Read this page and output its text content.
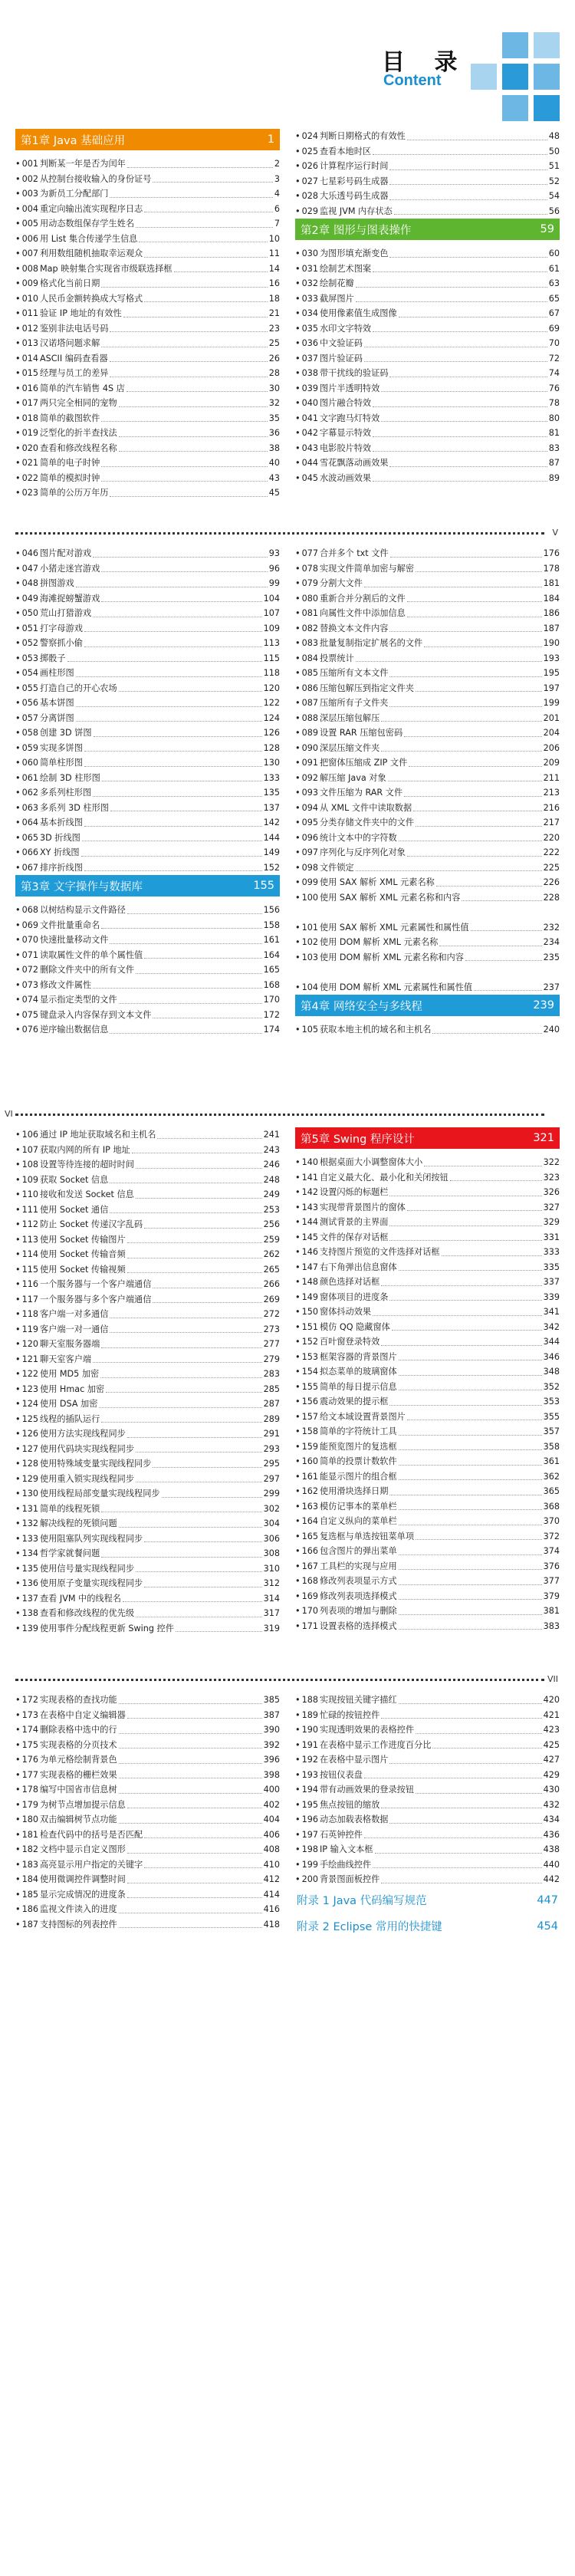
目 录
Content
第1章 Java 基础应用	1
• 001 判断某一年是否为闰年	2
• 002 从控制台接收输入的身份证号	3
• 003 为新员工分配部门	4
• 004 重定向输出流实现程序日志	6
• 005 用动态数组保存学生姓名	7
• 006 用 List 集合传递学生信息	10
• 007 利用数组随机抽取幸运观众	11
• 008 Map 映射集合实现省市级联选择框	14
• 009 格式化当前日期	16
• 010 人民币金额转换成大写格式	18
• 011 验证 IP 地址的有效性	21
• 012 鉴别非法电话号码	23
• 013 汉诺塔问题求解	25
• 014 ASCII 编码查看器	26
• 015 经理与员工的差异	28
• 016 简单的汽车销售 4S 店	30
• 017 两只完全相同的宠物	32
• 018 简单的截图软件	35
• 019 泛型化的折半查找法	36
• 020 查看和修改线程名称	38
• 021 简单的电子时钟	40
• 022 简单的模拟时钟	43
• 023 简单的公历万年历	45
• 024 判断日期格式的有效性	48
• 025 查看本地时区	50
• 026 计算程序运行时间	51
• 027 七星彩号码生成器	52
• 028 大乐透号码生成器	54
• 029 监视 JVM 内存状态	56
第2章 图形与图表操作	59
• 030 为图形填充渐变色	60
• 031 绘制艺术图案	61
• 032 绘制花瓣	63
• 033 截屏图片	65
• 034 使用像素值生成图像	67
• 035 水印文字特效	69
• 036 中文验证码	70
• 037 图片验证码	72
• 038 带干扰线的验证码	74
• 039 图片半透明特效	76
• 040 图片融合特效	78
• 041 文字跑马灯特效	80
• 042 字幕显示特效	81
• 043 电影胶片特效	83
• 044 雪花飘落动画效果	87
• 045 水波动画效果	89
V
• 046 图片配对游戏	93
• 047 小猪走迷宫游戏	96
• 048 拼图游戏	99
• 049 海滩捉螃蟹游戏	104
• 050 荒山打猎游戏	107
• 051 打字母游戏	109
• 052 警察抓小偷	113
• 053 掷骰子	115
• 054 画柱形图	118
• 055 打造自己的开心农场	120
• 056 基本饼图	122
• 057 分离饼图	124
• 058 创建 3D 饼图	126
• 059 实现多饼图	128
• 060 简单柱形图	130
• 061 绘制 3D 柱形图	133
• 062 多系列柱形图	135
• 063 多系列 3D 柱形图	137
• 064 基本折线图	142
• 065 3D 折线图	144
• 066 XY 折线图	149
• 067 排序折线图	152
第3章 文字操作与数据库	155
• 068 以树结构显示文件路径	156
• 069 文件批量重命名	158
• 070 快速批量移动文件	161
• 071 读取属性文件的单个属性值	164
• 072 删除文件夹中的所有文件	165
• 073 修改文件属性	168
• 074 显示指定类型的文件	170
• 075 键盘录入内容保存到文本文件	172
• 076 逆序输出数据信息	174
• 077 合并多个 txt 文件	176
• 078 实现文件简单加密与解密	178
• 079 分割大文件	181
• 080 重新合并分割后的文件	184
• 081 向属性文件中添加信息	186
• 082 替换文本文件内容	187
• 083 批量复制指定扩展名的文件	190
• 084 投票统计	193
• 085 压缩所有文本文件	195
• 086 压缩包解压到指定文件夹	197
• 087 压缩所有子文件夹	199
• 088 深层压缩包解压	201
• 089 设置 RAR 压缩包密码	204
• 090 深层压缩文件夹	206
• 091 把窗体压缩成 ZIP 文件	209
• 092 解压缩 Java 对象	211
• 093 文件压缩为 RAR 文件	213
• 094 从 XML 文件中读取数据	216
• 095 分类存储文件夹中的文件	217
• 096 统计文本中的字符数	220
• 097 序列化与反序列化对象	222
• 098 文件锁定	225
• 099 使用 SAX 解析 XML 元素名称	226
• 100 使用 SAX 解析 XML 元素名称和内容	228
• 101 使用 SAX 解析 XML 元素属性和属性值	232
• 102 使用 DOM 解析 XML 元素名称	234
• 103 使用 DOM 解析 XML 元素名称和内容	235
• 104 使用 DOM 解析 XML 元素属性和属性值	237
第4章 网络安全与多线程	239
• 105 获取本地主机的域名和主机名	240
VI
• 106 通过 IP 地址获取域名和主机名	241
• 107 获取内网的所有 IP 地址	243
• 108 设置等待连接的超时时间	246
• 109 获取 Socket 信息	248
• 110 接收和发送 Socket 信息	249
• 111 使用 Socket 通信	253
• 112 防止 Socket 传递汉字乱码	256
• 113 使用 Socket 传输图片	259
• 114 使用 Socket 传输音频	262
• 115 使用 Socket 传输视频	265
• 116 一个服务器与一个客户端通信	266
• 117 一个服务器与多个客户端通信	269
• 118 客户端一对多通信	272
• 119 客户端一对一通信	273
• 120 聊天室服务器端	277
• 121 聊天室客户端	279
• 122 使用 MD5 加密	283
• 123 使用 Hmac 加密	285
• 124 使用 DSA 加密	287
• 125 线程的插队运行	289
• 126 使用方法实现线程同步	291
• 127 使用代码块实现线程同步	293
• 128 使用特殊域变量实现线程同步	295
• 129 使用重入锁实现线程同步	297
• 130 使用线程局部变量实现线程同步	299
• 131 简单的线程死锁	302
• 132 解决线程的死锁问题	304
• 133 使用阻塞队列实现线程同步	306
• 134 哲学家就餐问题	308
• 135 使用信号量实现线程同步	310
• 136 使用原子变量实现线程同步	312
• 137 查看 JVM 中的线程名	314
• 138 查看和修改线程的优先级	317
• 139 使用事件分配线程更新 Swing 控件	319
第5章 Swing 程序设计	321
• 140 根据桌面大小调整窗体大小	322
• 141 自定义最大化、最小化和关闭按钮	323
• 142 设置闪烁的标题栏	326
• 143 实现带背景图片的窗体	327
• 144 测试背景的主界面	329
• 145 文件的保存对话框	331
• 146 支持图片预览的文件选择对话框	333
• 147 右下角弹出信息窗体	335
• 148 颜色选择对话框	337
• 149 窗体项目的进度条	339
• 150 窗体抖动效果	341
• 151 模仿 QQ 隐藏窗体	342
• 152 百叶窗登录特效	344
• 153 框架容器的背景图片	346
• 154 拟态菜单的玻璃窗体	348
• 155 简单的每日提示信息	352
• 156 震动效果的提示框	353
• 157 给文本域设置背景图片	355
• 158 简单的字符统计工具	357
• 159 能预览图片的复选框	358
• 160 简单的投票计数软件	361
• 161 能显示图片的组合框	362
• 162 使用滑块选择日期	365
• 163 模仿记事本的菜单栏	368
• 164 自定义纵向的菜单栏	370
• 165 复选框与单选按钮菜单项	372
• 166 包含图片的弹出菜单	374
• 167 工具栏的实现与应用	376
• 168 修改列表项显示方式	377
• 169 修改列表项选择模式	379
• 170 列表项的增加与删除	381
• 171 设置表格的选择模式	383
VII
• 172 实现表格的查找功能	385
• 173 在表格中自定义编辑器	387
• 174 删除表格中选中的行	390
• 175 实现表格的分页技术	392
• 176 为单元格绘制背景色	396
• 177 实现表格的栅栏效果	398
• 178 编写中国省市信息树	400
• 179 为树节点增加提示信息	402
• 180 双击编辑树节点功能	404
• 181 检查代码中的括号是否匹配	406
• 182 文档中显示自定义图形	408
• 183 高亮显示用户指定的关键字	410
• 184 使用微调控件调整时间	412
• 185 显示完成情况的进度条	414
• 186 监视文件读入的进度	416
• 187 支持图标的列表控件	418
• 188 实现按钮关键字描红	420
• 189 忙碌的按钮控件	421
• 190 实现透明效果的表格控件	423
• 191 在表格中显示工作进度百分比	425
• 192 在表格中显示图片	427
• 193 按钮仪表盘	429
• 194 带有动画效果的登录按钮	430
• 195 焦点按钮的缩放	432
• 196 动态加载表格数据	434
• 197 石英钟控件	436
• 198 IP 输入文本框	438
• 199 手绘曲线控件	440
• 200 背景图面板控件	442
附录 1 Java 代码编写规范	447
附录 2 Eclipse 常用的快捷键	454
